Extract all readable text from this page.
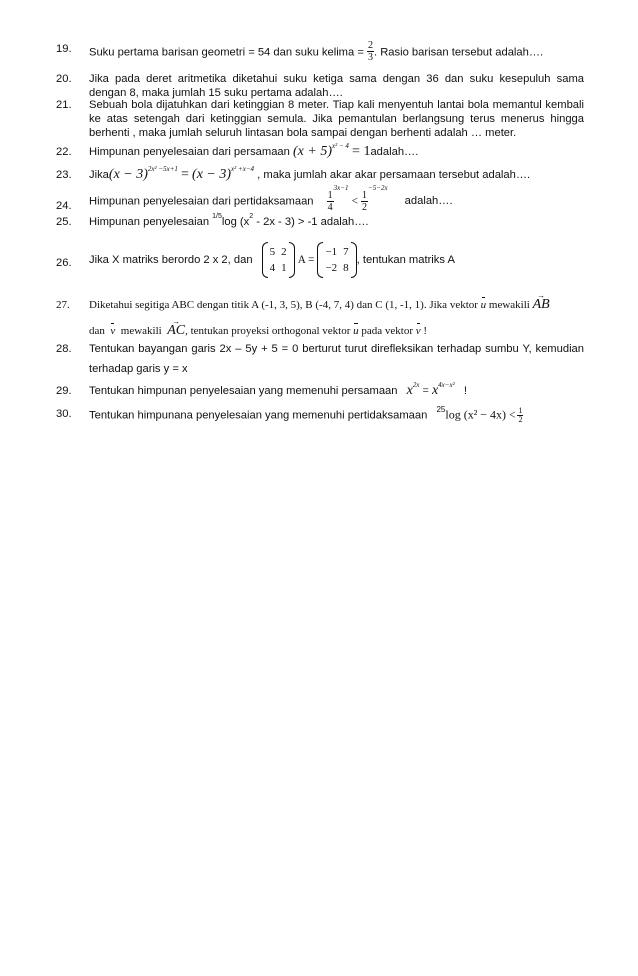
19. Suku pertama barisan geometri = 54 dan suku $kelima = \frac{2}{3}$ . Rasio barisan tersebut adalah….
20. Jika pada deret aritmetika diketahui suku ketiga sama dengan 36 dan suku kesepuluh sama dengan 8, maka jumlah 15 suku pertama adalah….
21. Sebuah bola dijatuhkan dari ketinggian 8 meter. Tiap kali menyentuh lantai bola memantul kembali ke atas setengah dari ketinggian semula. Jika pemantulan berlangsung terus menerus hingga berhenti , maka jumlah seluruh lintasan bola sampai dengan berhenti adalah … meter.
22. Himpunan penyelesaian dari persamaan $(x + 5)^{x^2 - 4}$ = 1adalah….
23. Jika(x − $3)^{2x^2 -5x+1} = (x - 3)^{x^2 +x-4}$ , maka jumlah akar akar persamaan tersebut adalah….
24. Himpunan penyelesaian dari pertidaksamaan $\frac{1}{4}$
$^{3x-1} < \frac{1}{2}$
$^{-5-2x}$ adalah….
25. Himpunan penyelesaian $^{1/5}$log $(x^2 - 2x - 3) > -1$ adalah….
26. Jika X matriks berordo 2 x 2, dan
5	2
4	1
A =
−1	7
−2	8
, tentukan matriks A
27. Diketahui segitiga ABC dengan titik A (-1, 3, 5), B (-4, 7, 4) dan C (1, -1, 1). Jika vektor u mewakili → AB
dan v mewakili → AC, tentukan proyeksi orthogonal vektor u pada vektor v !
28. Tentukan bayangan garis 2x – 5y + 5 = 0 berturut turut direfleksikan terhadap sumbu Y, kemudian terhadap garis y = x
29. Tentukan himpunan penyelesaian yang memenuhi persamaan $x^{2x} = x^{4x-x^2}$ !
30. Tentukan himpunana penyelesaian yang memenuhi pertidaksamaan $^{25}$log $(x^2 - 4x) < \frac{1}{2}$
